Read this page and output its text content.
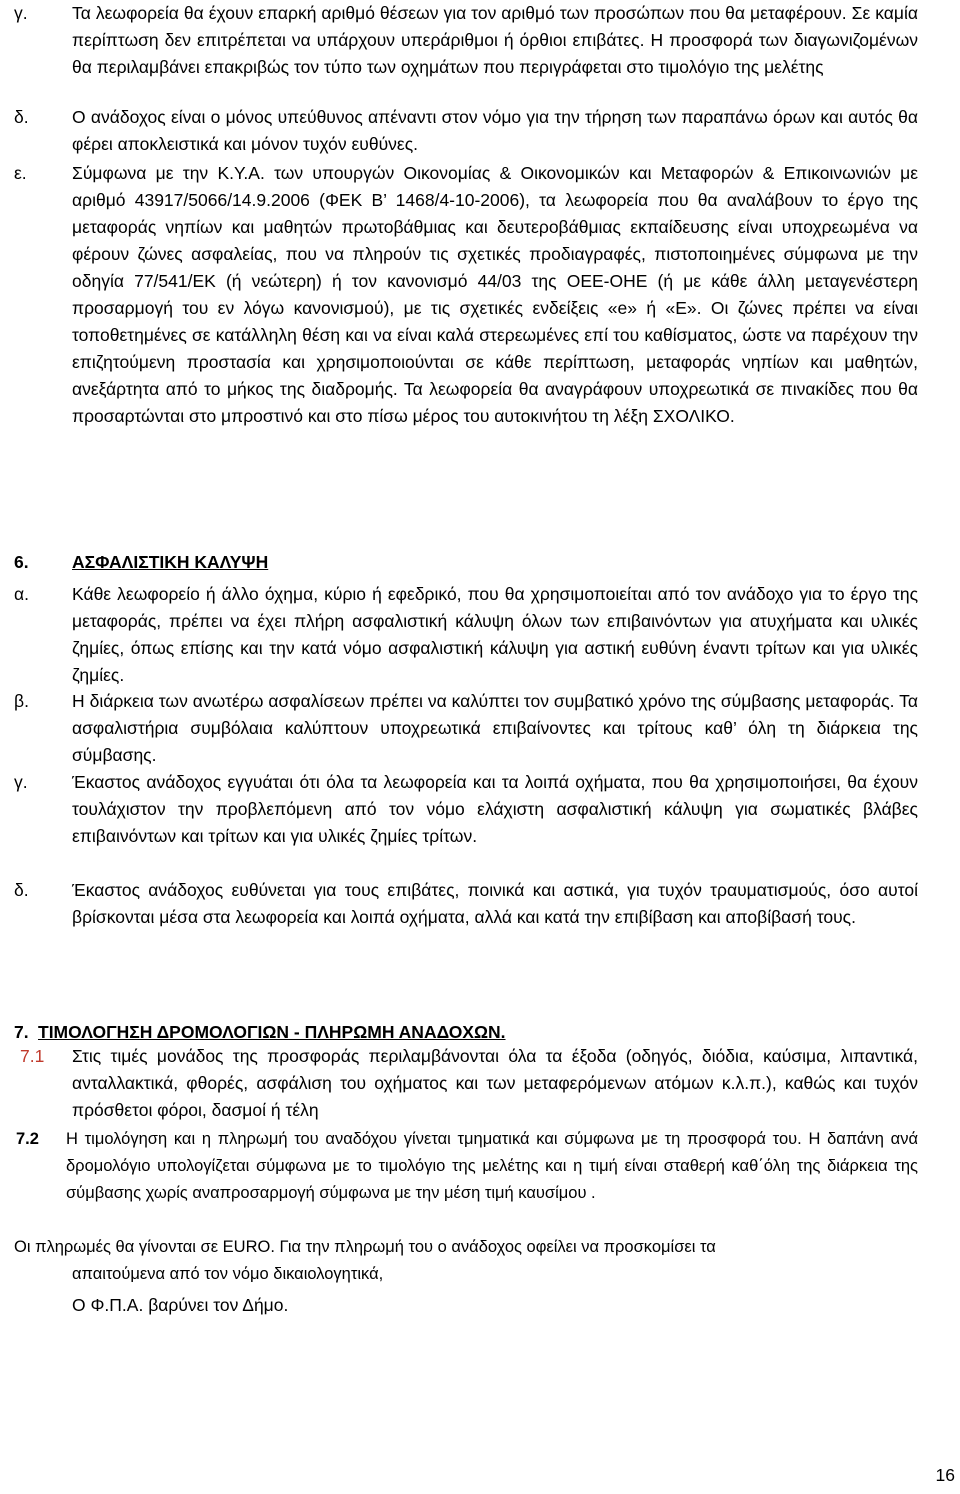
γ.	Τα λεωφορεία θα έχουν επαρκή αριθμό θέσεων για τον αριθμό των προσώπων που θα μεταφέρουν. Σε καμία περίπτωση δεν επιτρέπεται να υπάρχουν υπεράριθμοι ή όρθιοι επιβάτες. Η προσφορά των διαγωνιζομένων θα περιλαμβάνει επακριβώς τον τύπο των οχημάτων που περιγράφεται στο τιμολόγιο της μελέτης
δ. Ο ανάδοχος είναι ο μόνος υπεύθυνος απέναντι στον νόμο για την τήρηση των παραπάνω όρων και αυτός θα φέρει αποκλειστικά και μόνον τυχόν ευθύνες.
ε.	Σύμφωνα με την Κ.Υ.Α. των υπουργών Οικονομίας & Οικονομικών και Μεταφορών & Επικοινωνιών με αριθμό 43917/5066/14.9.2006 (ΦΕΚ Β’ 1468/4-10-2006), τα λεωφορεία που θα αναλάβουν το έργο της μεταφοράς νηπίων και μαθητών πρωτοβάθμιας και δευτεροβάθμιας εκπαίδευσης είναι υποχρεωμένα να φέρουν ζώνες ασφαλείας, που να πληρούν τις σχετικές προδιαγραφές, πιστοποιημένες σύμφωνα με την οδηγία 77/541/ΕΚ (ή νεώτερη) ή τον κανονισμό 44/03 της ΟΕΕ-ΟΗΕ (ή με κάθε άλλη μεταγενέστερη προσαρμογή του εν λόγω κανονισμού), με τις σχετικές ενδείξεις «e» ή «Ε». Οι ζώνες πρέπει να είναι τοποθετημένες σε κατάλληλη θέση και να είναι καλά στερεωμένες επί του καθίσματος, ώστε να παρέχουν την επιζητούμενη προστασία και χρησιμοποιούνται σε κάθε περίπτωση, μεταφοράς νηπίων και μαθητών, ανεξάρτητα από το μήκος της διαδρομής. Τα λεωφορεία θα αναγράφουν υποχρεωτικά σε πινακίδες που θα προσαρτώνται στο μπροστινό και στο πίσω μέρος του αυτοκινήτου τη λέξη ΣΧΟΛΙΚΟ.
6. ΑΣΦΑΛΙΣΤΙΚΗ ΚΑΛΥΨΗ
α. Κάθε λεωφορείο ή άλλο όχημα, κύριο ή εφεδρικό, που θα χρησιμοποιείται από τον ανάδοχο για το έργο της μεταφοράς, πρέπει να έχει πλήρη ασφαλιστική κάλυψη όλων των επιβαινόντων για ατυχήματα και υλικές ζημίες, όπως επίσης και την κατά νόμο ασφαλιστική κάλυψη για αστική ευθύνη έναντι τρίτων και για υλικές ζημίες.
β. Η διάρκεια των ανωτέρω ασφαλίσεων πρέπει να καλύπτει τον συμβατικό χρόνο της σύμβασης μεταφοράς. Τα ασφαλιστήρια συμβόλαια καλύπτουν υποχρεωτικά επιβαίνοντες και τρίτους καθ’ όλη τη διάρκεια της σύμβασης.
γ.	Έκαστος ανάδοχος εγγυάται ότι όλα τα λεωφορεία και τα λοιπά οχήματα, που θα χρησιμοποιήσει, θα έχουν τουλάχιστον την προβλεπόμενη από τον νόμο ελάχιστη ασφαλιστική κάλυψη για σωματικές βλάβες επιβαινόντων και τρίτων και για υλικές ζημίες τρίτων.
δ. Έκαστος ανάδοχος ευθύνεται για τους επιβάτες, ποινικά και αστικά, για τυχόν τραυματισμούς, όσο αυτοί βρίσκονται μέσα στα λεωφορεία και λοιπά οχήματα, αλλά και κατά την επιβίβαση και αποβίβασή τους.
7. ΤΙΜΟΛΟΓΗΣΗ ΔΡΟΜΟΛΟΓΙΩΝ - ΠΛΗΡΩΜΗ ΑΝΑΔΟΧΩΝ.
7.1 Στις τιμές μονάδος της προσφοράς περιλαμβάνονται όλα τα έξοδα (οδηγός, διόδια, καύσιμα, λιπαντικά, ανταλλακτικά, φθορές, ασφάλιση του οχήματος και των μεταφερόμενων ατόμων κ.λ.π.), καθώς και τυχόν πρόσθετοι φόροι, δασμοί ή τέλη
7.2 Η τιμολόγηση και η πληρωμή του αναδόχου γίνεται τμηματικά και σύμφωνα με τη προσφορά του. Η δαπάνη ανά δρομολόγιο υπολογίζεται σύμφωνα με το τιμολόγιο της μελέτης και η τιμή είναι σταθερή καθ΄όλη της διάρκεια της σύμβασης χωρίς αναπροσαρμογή σύμφωνα με την μέση τιμή καυσίμου .
Οι πληρωμές θα γίνονται σε EURO. Για την πληρωμή του ο ανάδοχος οφείλει να προσκομίσει τα
απαιτούμενα από τον νόμο δικαιολογητικά,
Ο Φ.Π.Α. βαρύνει τον Δήμο.
16
